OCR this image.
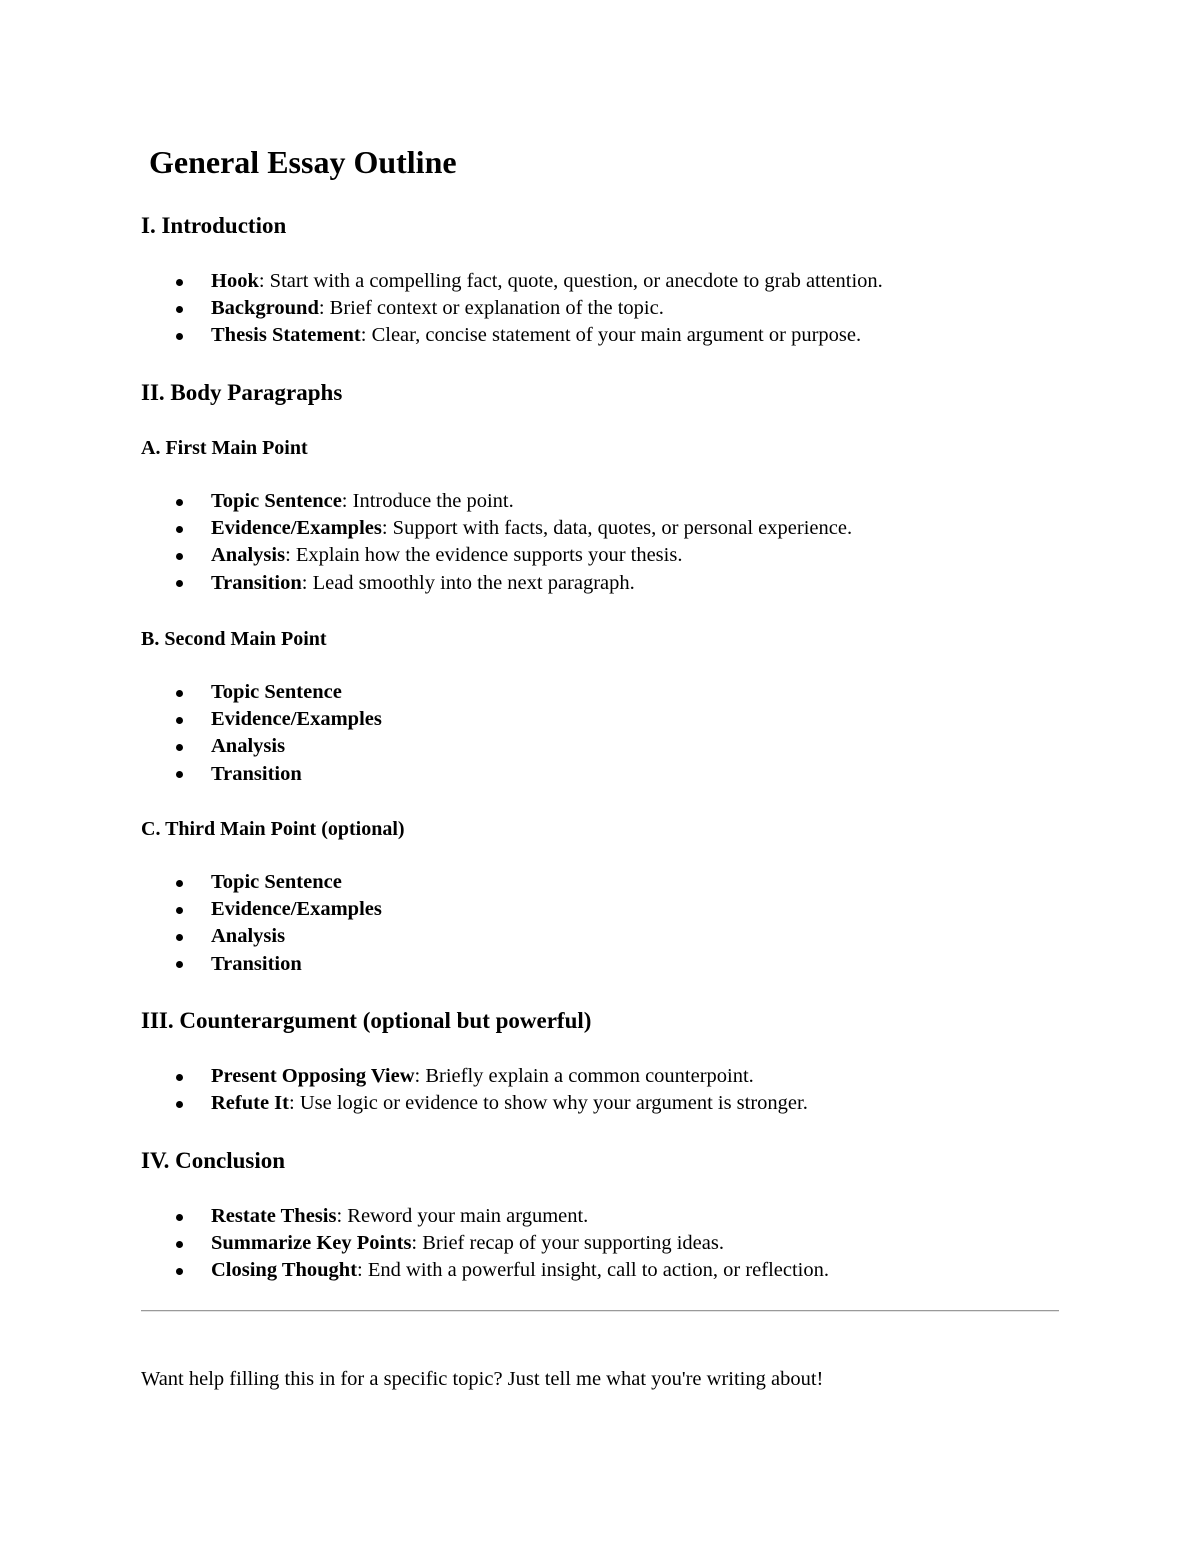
General Essay Outline
I. Introduction
Hook: Start with a compelling fact, quote, question, or anecdote to grab attention.
Background: Brief context or explanation of the topic.
Thesis Statement: Clear, concise statement of your main argument or purpose.
II. Body Paragraphs
A. First Main Point
Topic Sentence: Introduce the point.
Evidence/Examples: Support with facts, data, quotes, or personal experience.
Analysis: Explain how the evidence supports your thesis.
Transition: Lead smoothly into the next paragraph.
B. Second Main Point
Topic Sentence
Evidence/Examples
Analysis
Transition
C. Third Main Point (optional)
Topic Sentence
Evidence/Examples
Analysis
Transition
III. Counterargument (optional but powerful)
Present Opposing View: Briefly explain a common counterpoint.
Refute It: Use logic or evidence to show why your argument is stronger.
IV. Conclusion
Restate Thesis: Reword your main argument.
Summarize Key Points: Brief recap of your supporting ideas.
Closing Thought: End with a powerful insight, call to action, or reflection.

Want help filling this in for a specific topic? Just tell me what you're writing about!
